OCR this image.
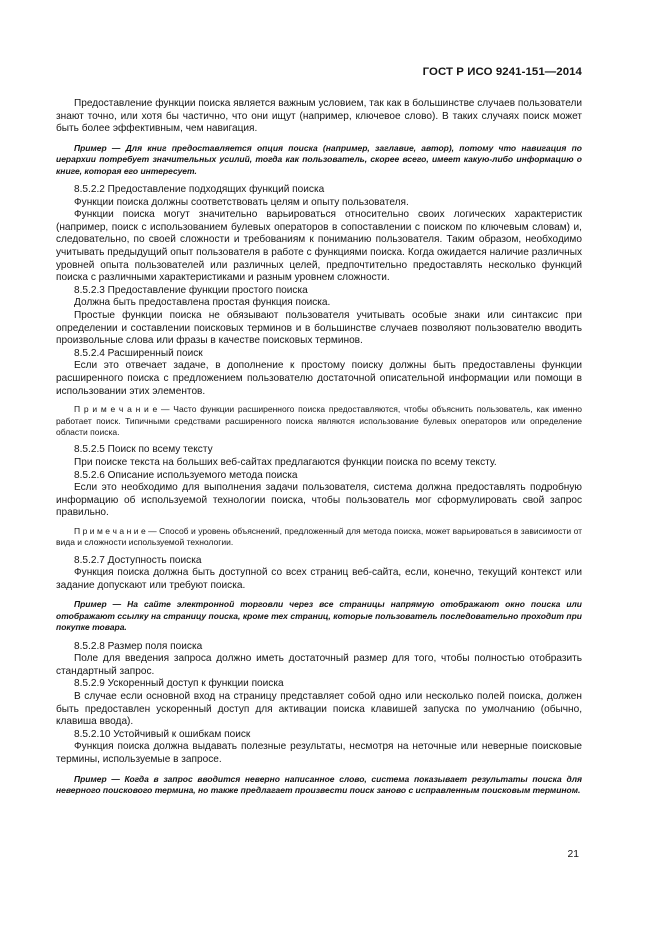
ГОСТ Р ИСО 9241-151—2014

Предоставление функции поиска является важным условием, так как в большинстве случаев пользователи знают точно, или хотя бы частично, что они ищут (например, ключевое слово). В таких случаях поиск может быть более эффективным, чем навигация.

Пример — Для книг предоставляется опция поиска (например, заглавие, автор), потому что навигация по иерархии потребует значительных усилий, тогда как пользователь, скорее всего, имеет какую-либо информацию о книге, которая его интересует.

8.5.2.2 Предоставление подходящих функций поиска

Функции поиска должны соответствовать целям и опыту пользователя.

Функции поиска могут значительно варьироваться относительно своих логических характеристик (например, поиск с использованием булевых операторов в сопоставлении с поиском по ключевым словам) и, следовательно, по своей сложности и требованиям к пониманию пользователя. Таким образом, необходимо учитывать предыдущий опыт пользователя в работе с функциями поиска. Когда ожидается наличие различных уровней опыта пользователей или различных целей, предпочтительно предоставлять несколько функций поиска с различными характеристиками и разным уровнем сложности.

8.5.2.3 Предоставление функции простого поиска

Должна быть предоставлена простая функция поиска.

Простые функции поиска не обязывают пользователя учитывать особые знаки или синтаксис при определении и составлении поисковых терминов и в большинстве случаев позволяют пользователю вводить произвольные слова или фразы в качестве поисковых терминов.

8.5.2.4 Расширенный поиск

Если это отвечает задаче, в дополнение к простому поиску должны быть предоставлены функции расширенного поиска с предложением пользователю достаточной описательной информации или помощи в использовании этих элементов.

П р и м е ч а н и е — Часто функции расширенного поиска предоставляются, чтобы объяснить пользователь, как именно работает поиск. Типичными средствами расширенного поиска являются использование булевых операторов или определение области поиска.

8.5.2.5 Поиск по всему тексту

При поиске текста на больших веб-сайтах предлагаются функции поиска по всему тексту.

8.5.2.6 Описание используемого метода поиска

Если это необходимо для выполнения задачи пользователя, система должна предоставлять подробную информацию об используемой технологии поиска, чтобы пользователь мог сформулировать свой запрос правильно.

П р и м е ч а н и е — Способ и уровень объяснений, предложенный для метода поиска, может варьироваться в зависимости от вида и сложности используемой технологии.

8.5.2.7 Доступность поиска

Функция поиска должна быть доступной со всех страниц веб-сайта, если, конечно, текущий контекст или задание допускают или требуют поиска.

Пример — На сайте электронной торговли через все страницы напрямую отображают окно поиска или отображают ссылку на страницу поиска, кроме тех страниц, которые пользователь последовательно проходит при покупке товара.

8.5.2.8 Размер поля поиска

Поле для введения запроса должно иметь достаточный размер для того, чтобы полностью отобразить стандартный запрос.

8.5.2.9 Ускоренный доступ к функции поиска

В случае если основной вход на страницу представляет собой одно или несколько полей поиска, должен быть предоставлен ускоренный доступ для активации поиска клавишей запуска по умолчанию (обычно, клавиша ввода).

8.5.2.10 Устойчивый к ошибкам поиск

Функция поиска должна выдавать полезные результаты, несмотря на неточные или неверные поисковые термины, используемые в запросе.

Пример — Когда в запрос вводится неверно написанное слово, система показывает результаты поиска для неверного поискового термина, но также предлагает произвести поиск заново с исправленным поисковым термином.

21
